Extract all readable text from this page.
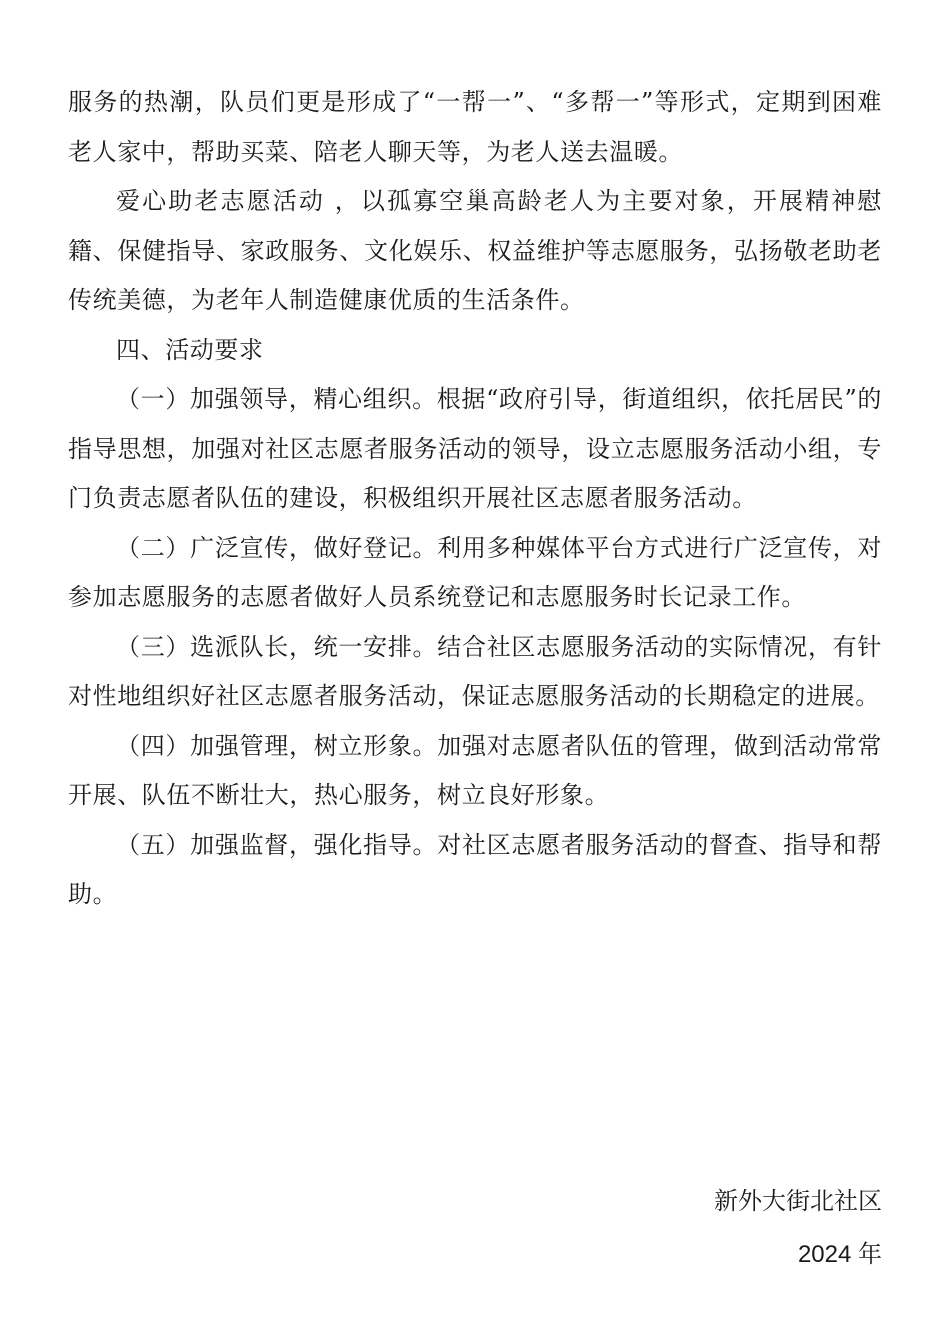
服务的热潮，队员们更是形成了“一帮一”、“多帮一”等形式，定期到困难老人家中，帮助买菜、陪老人聊天等，为老人送去温暖。

爱心助老志愿活动 ，以孤寡空巢高龄老人为主要对象，开展精神慰籍、保健指导、家政服务、文化娱乐、权益维护等志愿服务，弘扬敬老助老传统美德，为老年人制造健康优质的生活条件。

四、活动要求

（一）加强领导，精心组织。根据“政府引导，街道组织，依托居民”的指导思想，加强对社区志愿者服务活动的领导，设立志愿服务活动小组，专门负责志愿者队伍的建设，积极组织开展社区志愿者服务活动。

（二）广泛宣传，做好登记。利用多种媒体平台方式进行广泛宣传，对参加志愿服务的志愿者做好人员系统登记和志愿服务时长记录工作。

（三）选派队长，统一安排。结合社区志愿服务活动的实际情况，有针对性地组织好社区志愿者服务活动，保证志愿服务活动的长期稳定的进展。

（四）加强管理，树立形象。加强对志愿者队伍的管理，做到活动常常开展、队伍不断壮大，热心服务，树立良好形象。

（五）加强监督，强化指导。对社区志愿者服务活动的督查、指导和帮助。

新外大街北社区
2024 年
